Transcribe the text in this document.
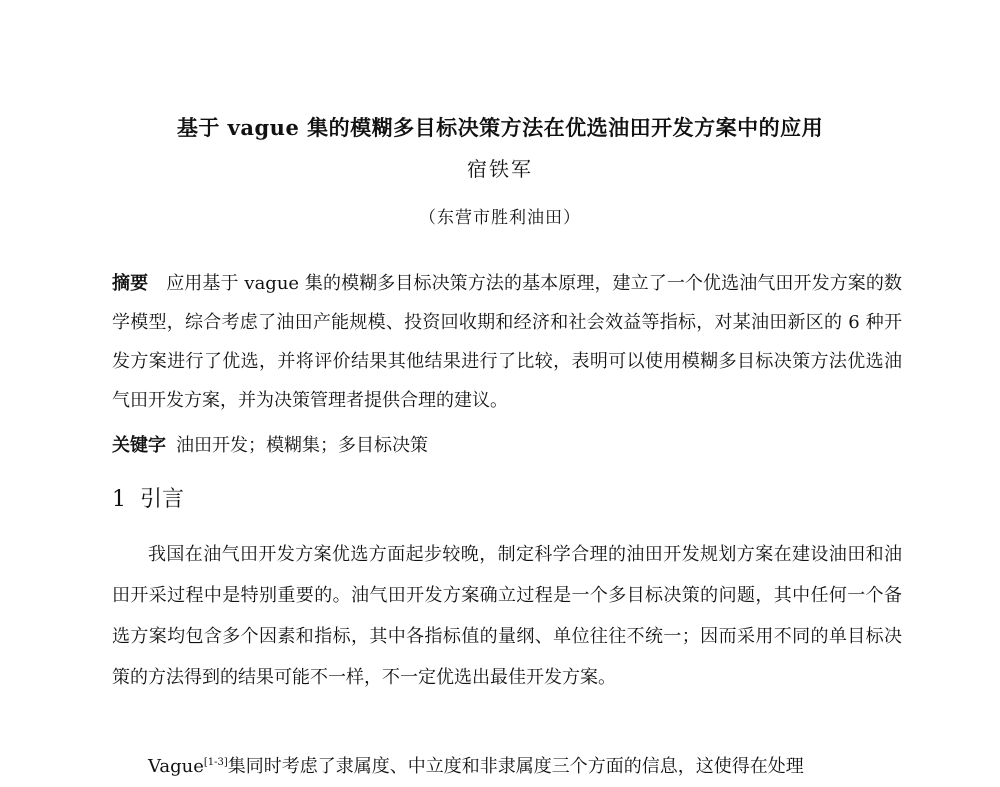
基于 vague 集的模糊多目标决策方法在优选油田开发方案中的应用
宿铁军
（东营市胜利油田）

摘要 应用基于 vague 集的模糊多目标决策方法的基本原理，建立了一个优选油气田开发方案的数学模型，综合考虑了油田产能规模、投资回收期和经济和社会效益等指标，对某油田新区的 6 种开发方案进行了优选，并将评价结果其他结果进行了比较，表明可以使用模糊多目标决策方法优选油气田开发方案，并为决策管理者提供合理的建议。

关键字 油田开发；模糊集；多目标决策

1 引言

我国在油气田开发方案优选方面起步较晚，制定科学合理的油田开发规划方案在建设油田和油田开采过程中是特别重要的。油气田开发方案确立过程是一个多目标决策的问题，其中任何一个备选方案均包含多个因素和指标，其中各指标值的量纲、单位往往不统一；因而采用不同的单目标决策的方法得到的结果可能不一样，不一定优选出最佳开发方案。

Vague[1-3]集同时考虑了隶属度、中立度和非隶属度三个方面的信息，这使得在处理
